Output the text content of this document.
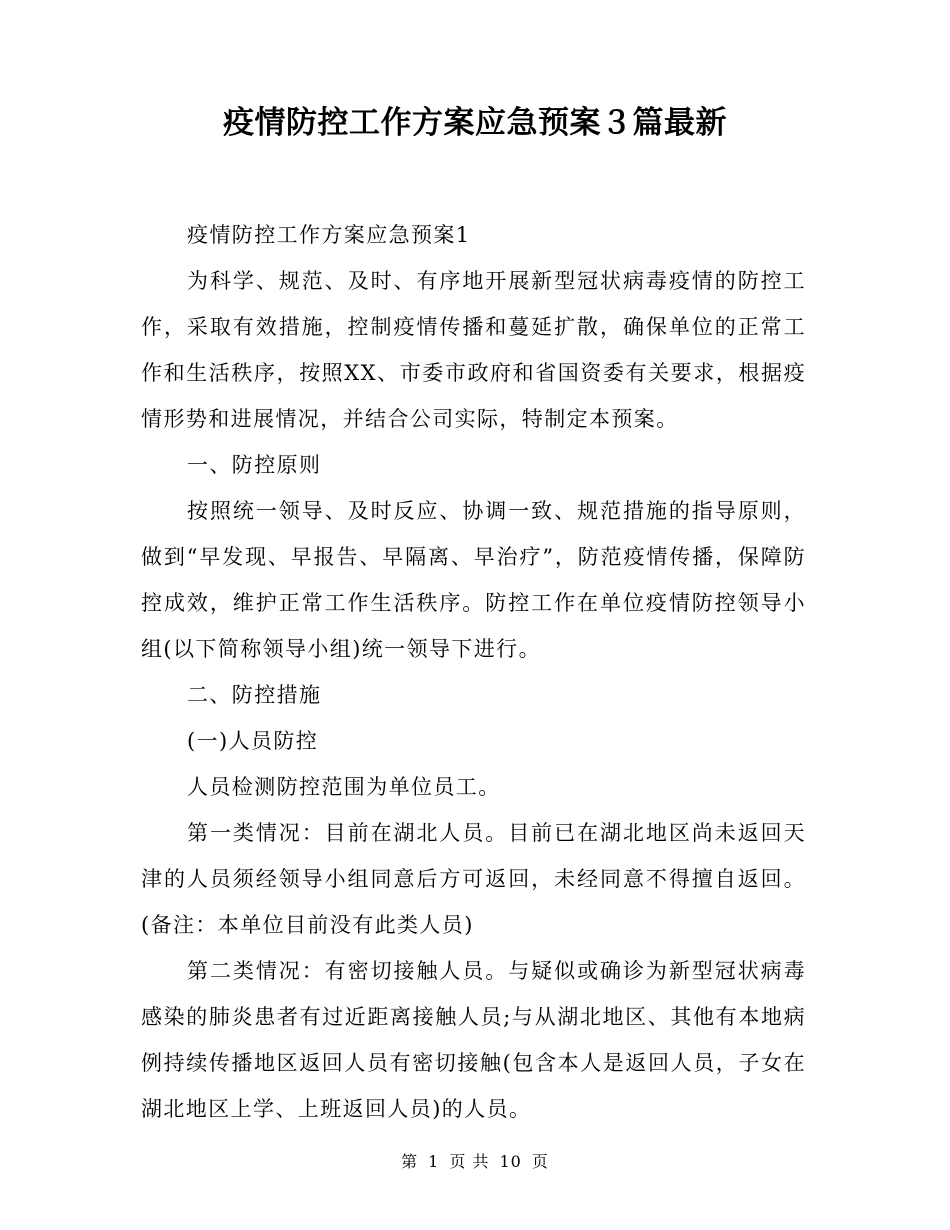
疫情防控工作方案应急预案３篇最新

疫情防控工作方案应急预案1

为科学、规范、及时、有序地开展新型冠状病毒疫情的防控工作，采取有效措施，控制疫情传播和蔓延扩散，确保单位的正常工作和生活秩序，按照XX、市委市政府和省国资委有关要求，根据疫情形势和进展情况，并结合公司实际，特制定本预案。

一、防控原则

按照统一领导、及时反应、协调一致、规范措施的指导原则，做到“早发现、早报告、早隔离、早治疗”，防范疫情传播，保障防控成效，维护正常工作生活秩序。防控工作在单位疫情防控领导小组(以下简称领导小组)统一领导下进行。

二、防控措施

(一)人员防控

人员检测防控范围为单位员工。

第一类情况：目前在湖北人员。目前已在湖北地区尚未返回天津的人员须经领导小组同意后方可返回，未经同意不得擅自返回。(备注：本单位目前没有此类人员)

第二类情况：有密切接触人员。与疑似或确诊为新型冠状病毒感染的肺炎患者有过近距离接触人员;与从湖北地区、其他有本地病例持续传播地区返回人员有密切接触(包含本人是返回人员，子女在湖北地区上学、上班返回人员)的人员。

第 1 页 共 10 页
